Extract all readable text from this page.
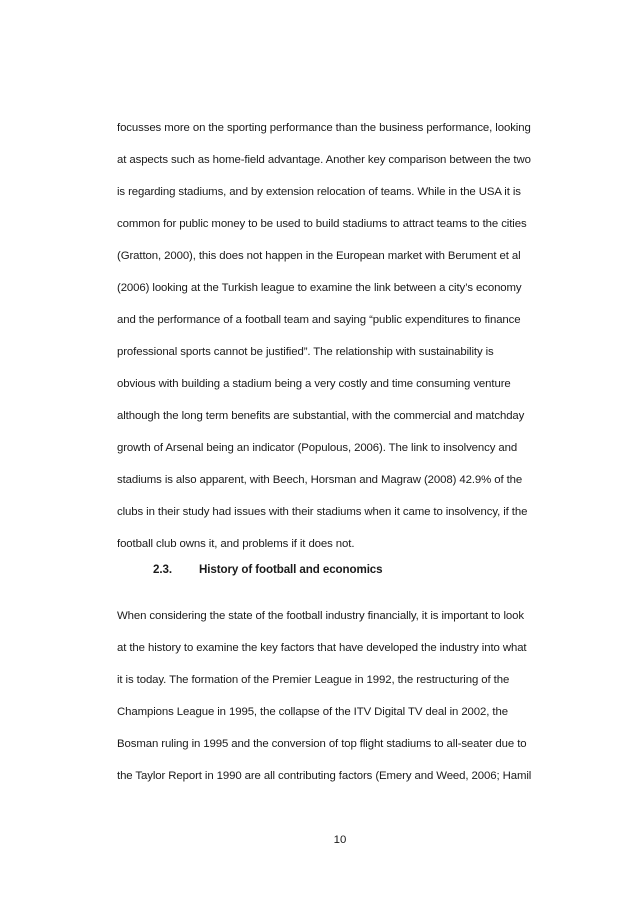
focusses more on the sporting performance than the business performance, looking
at aspects such as home-field advantage. Another key comparison between the two
is regarding stadiums, and by extension relocation of teams. While in the USA it is
common for public money to be used to build stadiums to attract teams to the cities
(Gratton, 2000), this does not happen in the European market with Berument et al
(2006) looking at the Turkish league to examine the link between a city’s economy
and the performance of a football team and saying “public expenditures to finance
professional sports cannot be justified”. The relationship with sustainability is
obvious with building a stadium being a very costly and time consuming venture
although the long term benefits are substantial, with the commercial and matchday
growth of Arsenal being an indicator (Populous, 2006). The link to insolvency and
stadiums is also apparent, with Beech, Horsman and Magraw (2008) 42.9% of the
clubs in their study had issues with their stadiums when it came to insolvency, if the
football club owns it, and problems if it does not.
2.3. History of football and economics
When considering the state of the football industry financially, it is important to look
at the history to examine the key factors that have developed the industry into what
it is today. The formation of the Premier League in 1992, the restructuring of the
Champions League in 1995, the collapse of the ITV Digital TV deal in 2002, the
Bosman ruling in 1995 and the conversion of top flight stadiums to all-seater due to
the Taylor Report in 1990 are all contributing factors (Emery and Weed, 2006; Hamil
10
